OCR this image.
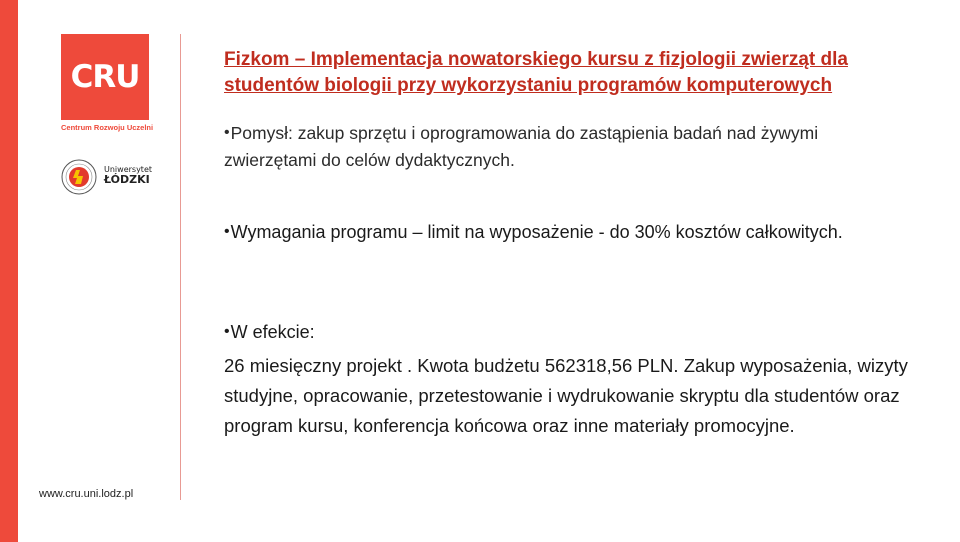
CRU
Centrum Rozwoju Uczelni
Uniwersytet
ŁÓDZKI
www.cru.uni.lodz.pl
Fizkom – Implementacja nowatorskiego kursu z fizjologii zwierząt dla studentów biologii przy wykorzystaniu programów komputerowych
•Pomysł: zakup sprzętu i oprogramowania do zastąpienia badań nad żywymi zwierzętami do celów dydaktycznych.
•Wymagania programu – limit na wyposażenie - do 30% kosztów całkowitych.
•W efekcie:
26 miesięczny projekt . Kwota budżetu 562318,56 PLN. Zakup wyposażenia, wizyty studyjne, opracowanie, przetestowanie i wydrukowanie skryptu dla studentów oraz program kursu, konferencja końcowa oraz inne materiały promocyjne.
